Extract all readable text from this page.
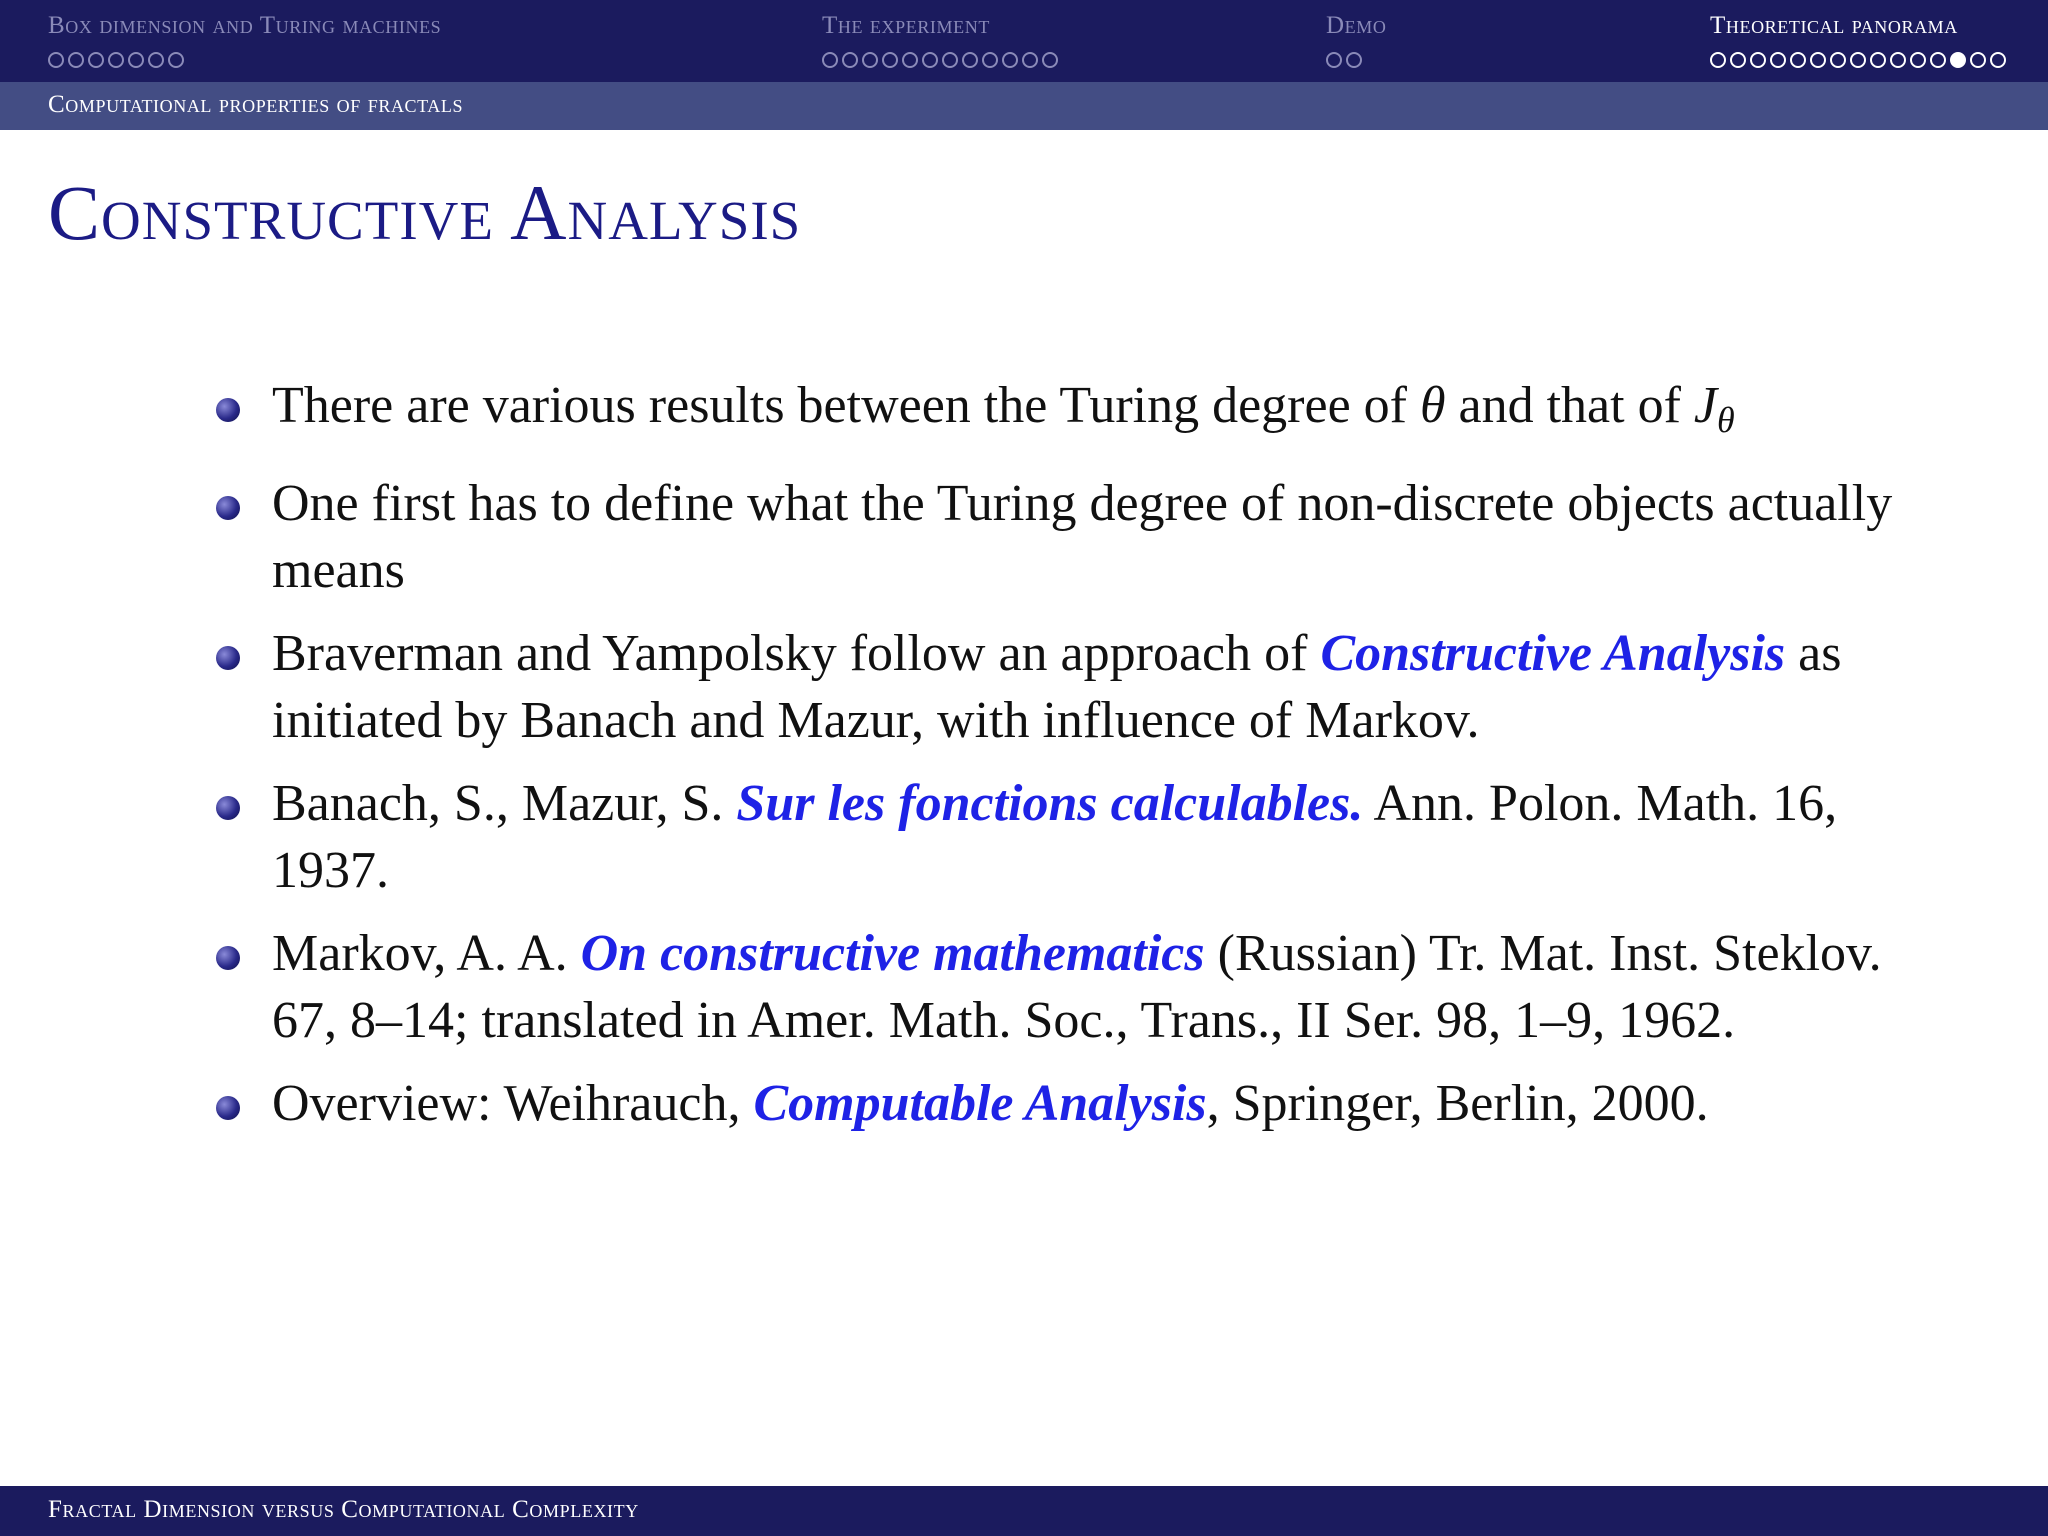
Box dimension and Turing machines	The experiment	Demo	Theoretical panorama
Computational properties of fractals
Constructive Analysis
There are various results between the Turing degree of θ and that of $J_\theta$
One first has to define what the Turing degree of non-discrete objects actually means
Braverman and Yampolsky follow an approach of Constructive Analysis as initiated by Banach and Mazur, with influence of Markov.
Banach, S., Mazur, S. Sur les fonctions calculables. Ann. Polon. Math. 16, 1937.
Markov, A. A. On constructive mathematics (Russian) Tr. Mat. Inst. Steklov. 67, 8–14; translated in Amer. Math. Soc., Trans., II Ser. 98, 1–9, 1962.
Overview: Weihrauch, Computable Analysis, Springer, Berlin, 2000.
Fractal Dimension versus Computational Complexity
